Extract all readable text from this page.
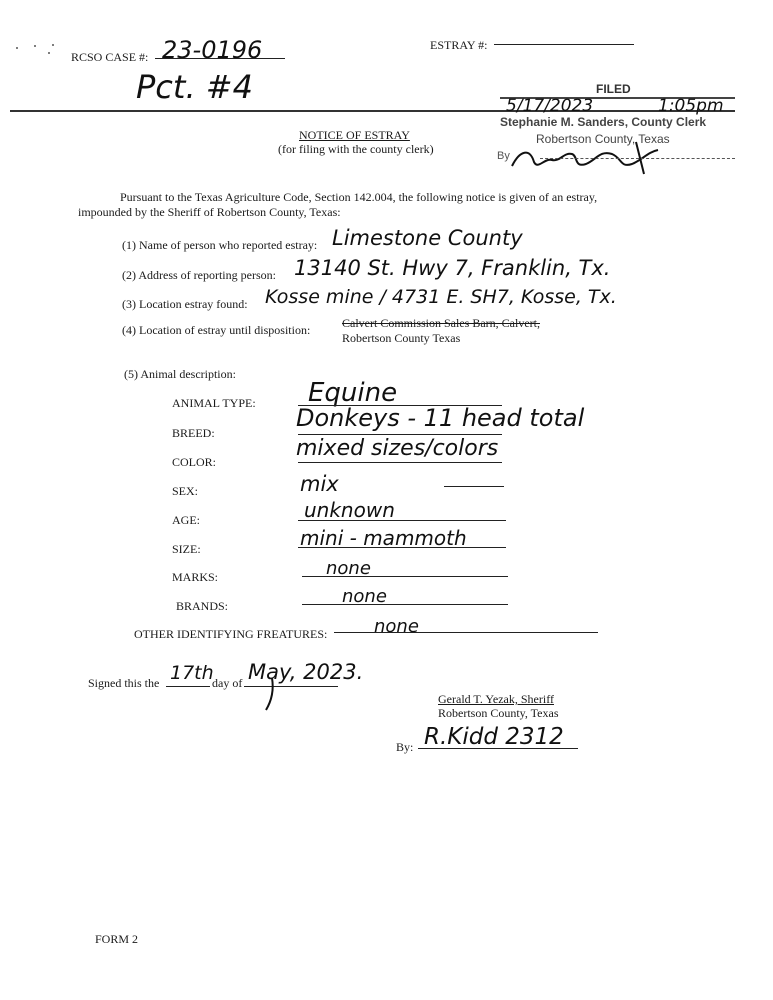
RCSO CASE #: 23-0196
Pct. #4
ESTRAY #:
FILED
5/17/2023	1:05pm
Stephanie M. Sanders, County Clerk
Robertson County, Texas
By
NOTICE OF ESTRAY
(for filing with the county clerk)
Pursuant to the Texas Agriculture Code, Section 142.004, the following notice is given of an estray,
impounded by the Sheriff of Robertson County, Texas:
(1) Name of person who reported estray: Limestone County
(2) Address of reporting person: 13140 St. Hwy 7, Franklin, Tx.
(3) Location estray found: Kosse mine / 4731 E. SH7, Kosse, Tx.
(4) Location of estray until disposition:	Calvert Commission Sales Barn, Calvert,
Robertson County Texas
(5) Animal description:
ANIMAL TYPE: Equine
BREED:
Donkeys - 11 head total
COLOR:
mixed sizes/colors
SEX:	mix
AGE:	unknown
SIZE:	mini - mammoth
MARKS:	none
BRANDS:	none
OTHER IDENTIFYING FREATURES:	none
Signed this the 17th
day of May, 2023.
Gerald T. Yezak, Sheriff
Robertson County, Texas
By: R.Kidd 2312
FORM 2
